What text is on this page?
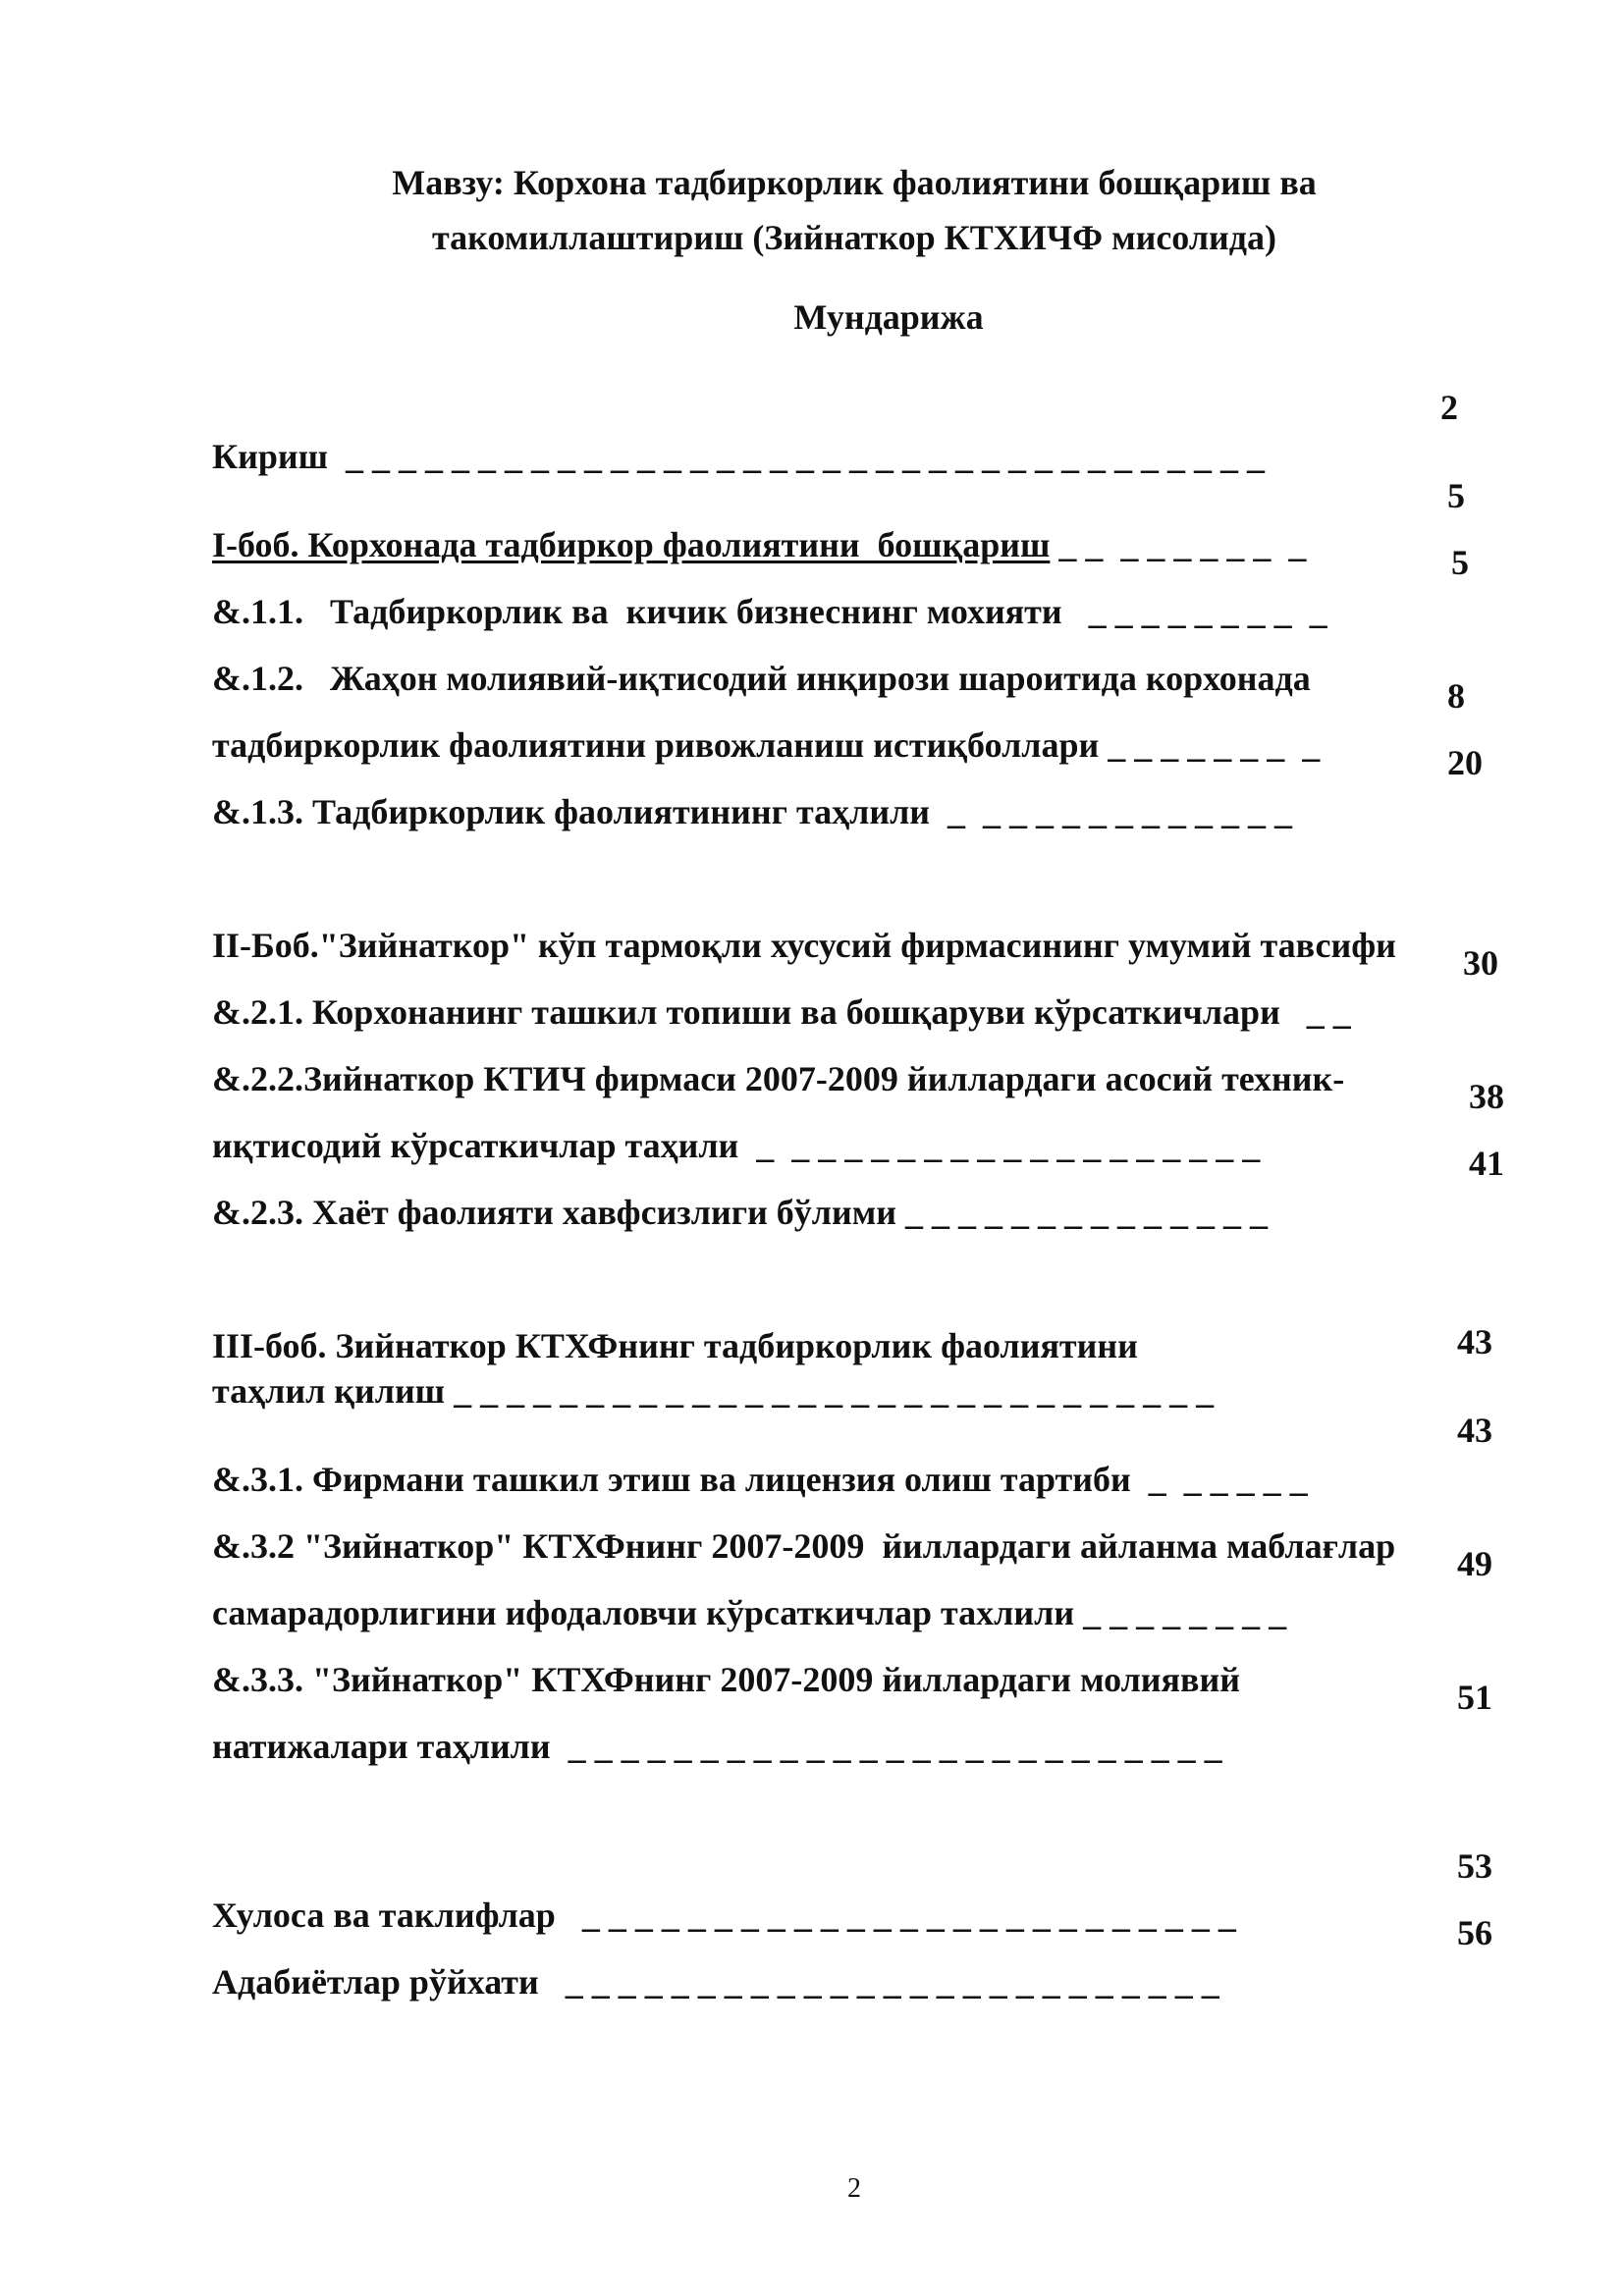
Мавзу: Корхона тадбиркорлик фаолиятини бошқариш ва
такомиллаштириш (Зийнаткор КТХИЧФ мисолида)
Мундарижа

Кириш  _ _ _ _ _ _ _ _ _ _ _ _ _ _ _ _ _ _ _ _ _ _ _ _ _ _ _ _ _ _ _ _ _ _ _

2

I-боб. Корхонада тадбиркор фаолиятини  бошқариш _ _  _ _ _ _ _ _  _

5

&.1.1.   Тадбиркорлик ва  кичик бизнеснинг мохияти   _ _ _ _ _ _ _ _  _

5

&.1.2.   Жаҳон молиявий-иқтисодий инқирози шароитида корхонада

тадбиркорлик фаолиятини ривожланиш истиқболлари _ _ _ _ _ _ _  _

8

&.1.3. Тадбиркорлик фаолиятининг таҳлили  _  _ _ _ _ _ _ _ _ _ _ _ _

20

II-Боб."Зийнаткор" кўп тармоқли хусусий фирмасининг умумий тавсифи

&.2.1. Корхонанинг ташкил топиши ва бошқаруви кўрсаткичлари   _ _

30

&.2.2.Зийнаткор КТИЧ фирмаси 2007-2009 йиллардаги асосий техник-

иқтисодий кўрсаткичлар таҳили  _  _ _ _ _ _ _ _ _ _ _ _ _ _ _ _ _ _ _

38

&.2.3. Хаёт фаолияти хавфсизлиги бўлими _ _ _ _ _ _ _ _ _ _ _ _ _ _

41

III-боб. Зийнаткор КТХФнинг тадбиркорлик фаолиятини

таҳлил қилиш _ _ _ _ _ _ _ _ _ _ _ _ _ _ _ _ _ _ _ _ _ _ _ _ _ _ _ _ _

43

&.3.1. Фирмани ташкил этиш ва лицензия олиш тартиби  _  _ _ _ _ _

43

&.3.2 "Зийнаткор" КТХФнинг 2007-2009  йиллардаги айланма маблағлар

самарадорлигини ифодаловчи кўрсаткичлар тахлили _ _ _ _ _ _ _ _

49

&.3.3. "Зийнаткор" КТХФнинг 2007-2009 йиллардаги молиявий

натижалари таҳлили  _ _ _ _ _ _ _ _ _ _ _ _ _ _ _ _ _ _ _ _ _ _ _ _ _

51

Хулоса ва таклифлар   _ _ _ _ _ _ _ _ _ _ _ _ _ _ _ _ _ _ _ _ _ _ _ _ _

53

Адабиётлар рўйхати   _ _ _ _ _ _ _ _ _ _ _ _ _ _ _ _ _ _ _ _ _ _ _ _ _

56
2
